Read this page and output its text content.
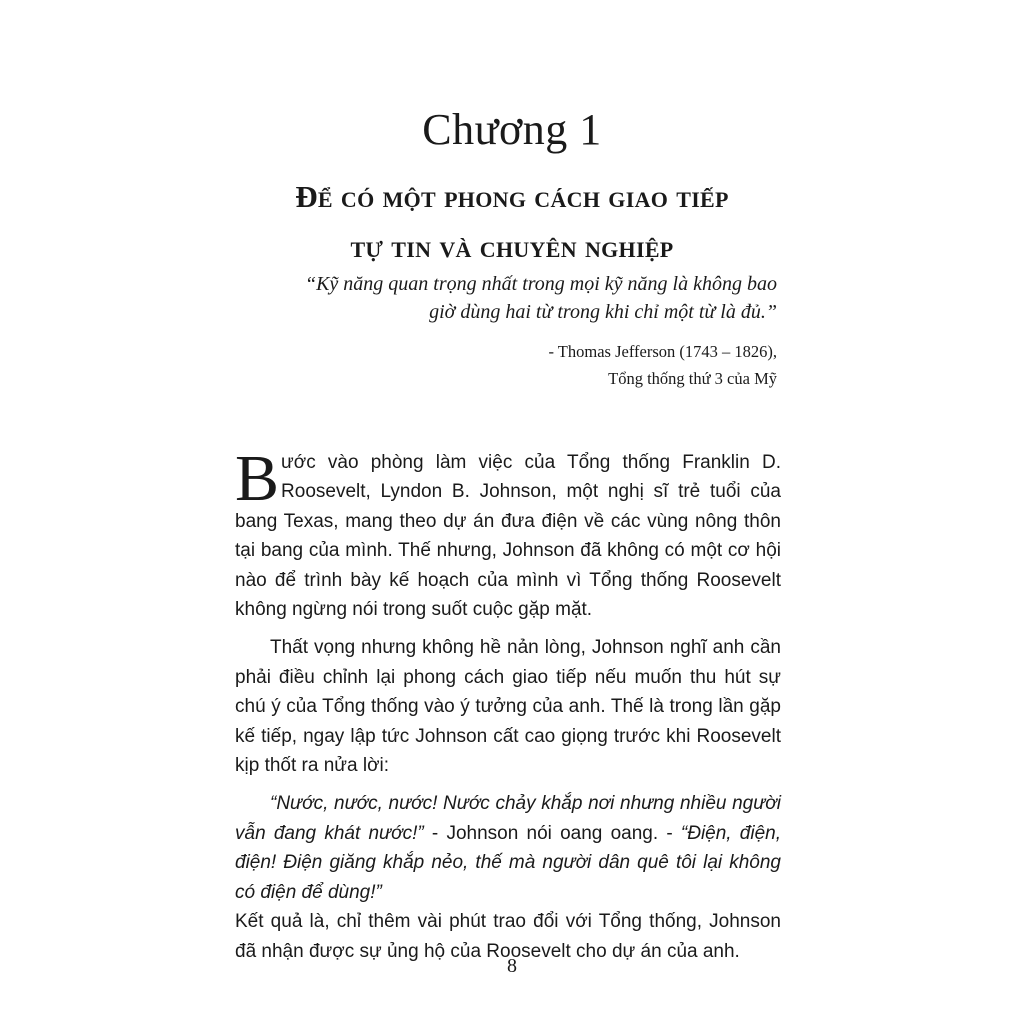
Chương 1
Để có một phong cách giao tiếp
tự tin và chuyên nghiệp
“Kỹ năng quan trọng nhất trong mọi kỹ năng là không bao
giờ dùng hai từ trong khi chỉ một từ là đủ.”
- Thomas Jefferson (1743 – 1826),
Tổng thống thứ 3 của Mỹ

Bước vào phòng làm việc của Tổng thống Franklin D. Roosevelt, Lyndon B. Johnson, một nghị sĩ trẻ tuổi của bang Texas, mang theo dự án đưa điện về các vùng nông thôn tại bang của mình. Thế nhưng, Johnson đã không có một cơ hội nào để trình bày kế hoạch của mình vì Tổng thống Roosevelt không ngừng nói trong suốt cuộc gặp mặt.

Thất vọng nhưng không hề nản lòng, Johnson nghĩ anh cần phải điều chỉnh lại phong cách giao tiếp nếu muốn thu hút sự chú ý của Tổng thống vào ý tưởng của anh. Thế là trong lần gặp kế tiếp, ngay lập tức Johnson cất cao giọng trước khi Roosevelt kịp thốt ra nửa lời:

“Nước, nước, nước! Nước chảy khắp nơi nhưng nhiều người vẫn đang khát nước!” - Johnson nói oang oang. - “Điện, điện, điện! Điện giăng khắp nẻo, thế mà người dân quê tôi lại không có điện để dùng!”

Kết quả là, chỉ thêm vài phút trao đổi với Tổng thống, Johnson đã nhận được sự ủng hộ của Roosevelt cho dự án của anh.

8
